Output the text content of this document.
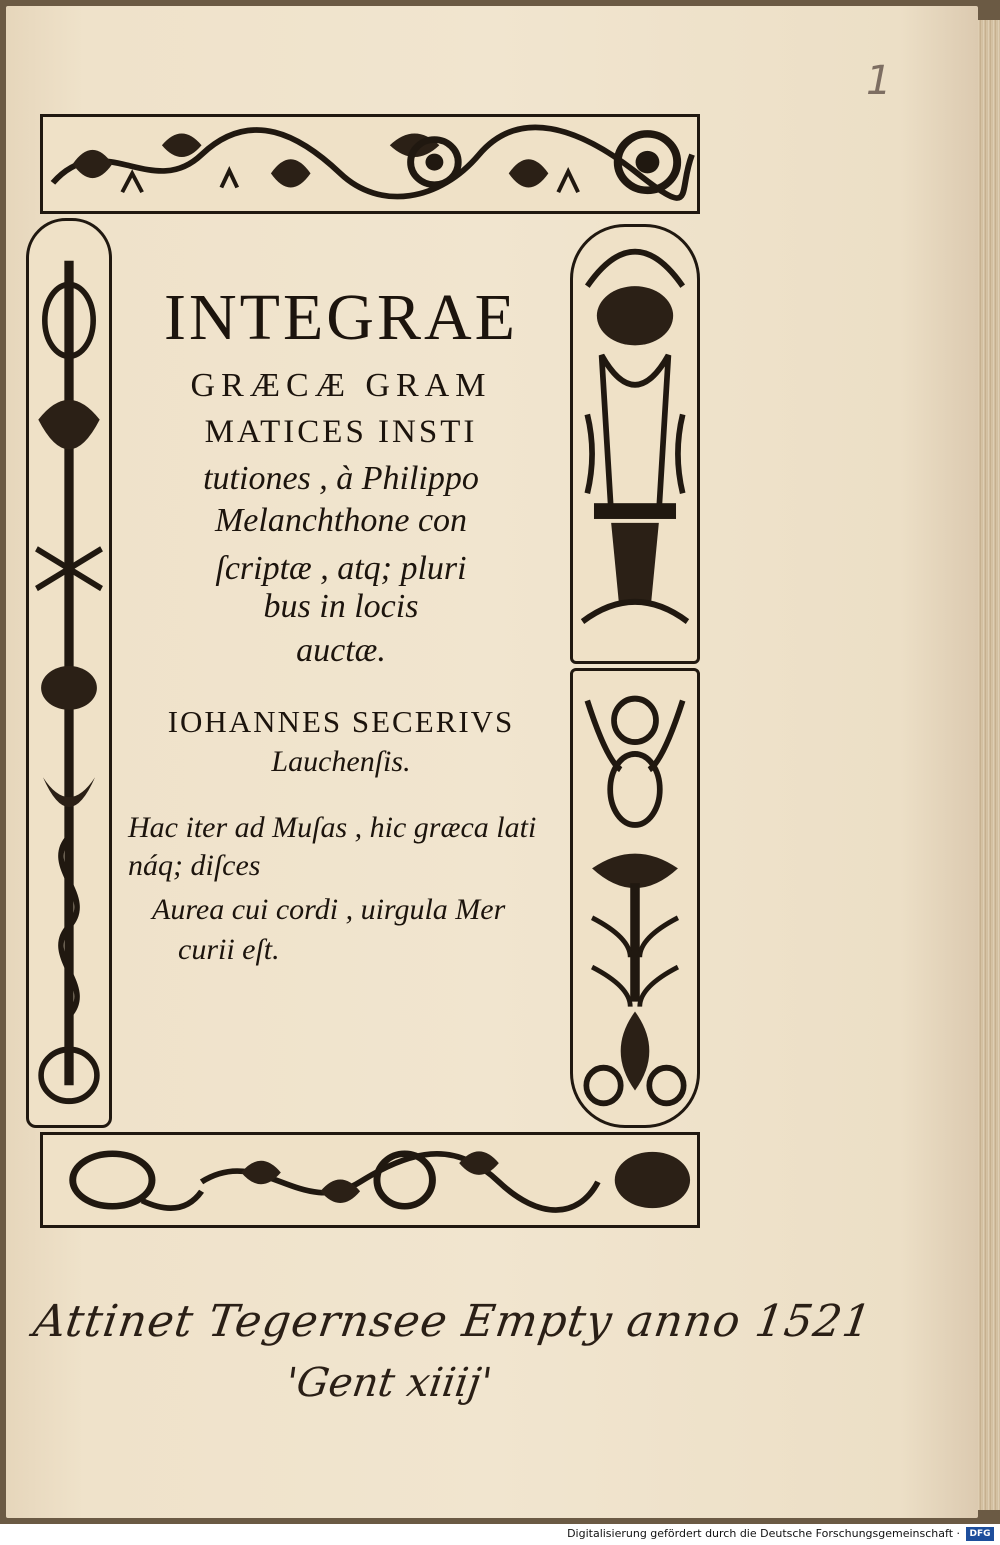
1
INTEGRAE
GRÆCÆ GRAM
MATICES INSTI
tutiones , à Philippo
Melanchthone con
ſcriptæ , atq; pluri
bus in locis
auctæ.
IOHANNES SECERIVS
Lauchenſis.
Hac iter ad Muſas , hic græca lati
náq; diſces
Aurea cui cordi , uirgula Mer
curii eſt.
Attinet Tegernsee Empty anno 1521
'Gent xiiij'
Digitalisierung gefördert durch die Deutsche Forschungsgemeinschaft ·	DFG
